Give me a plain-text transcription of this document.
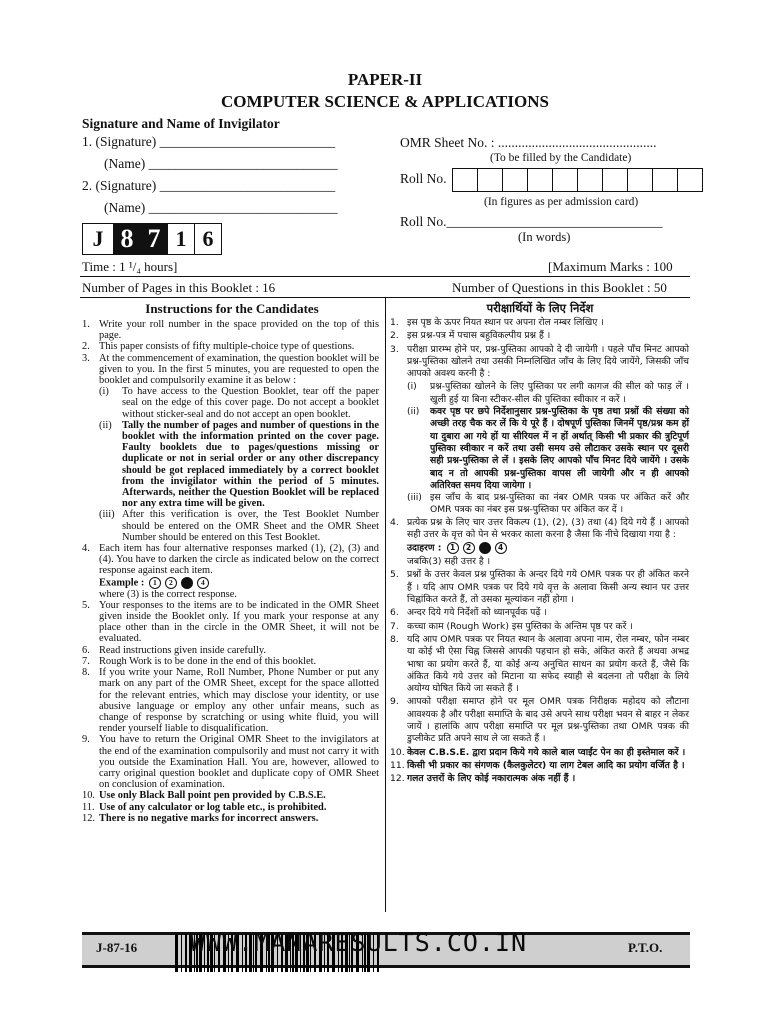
PAPER-II
COMPUTER SCIENCE & APPLICATIONS
Signature and Name of Invigilator
1. (Signature) __________________________
(Name) ____________________________
2. (Signature) __________________________
(Name) ____________________________
J 8 7 1 6
OMR Sheet No. : ...............................................
(To be filled by the Candidate)
Roll No.
(In figures as per admission card)
Roll No.________________________________
(In words)
Time : 1 ¹/₄ hours]	[Maximum Marks : 100
Number of Pages in this Booklet : 16	Number of Questions in this Booklet : 50
Instructions for the Candidates
1. Write your roll number in the space provided on the top of this page.
2. This paper consists of fifty multiple-choice type of questions.
3. At the commencement of examination, the question booklet will be given to you. In the first 5 minutes, you are requested to open the booklet and compulsorily examine it as below :
(i)	To have access to the Question Booklet, tear off the paper seal on the edge of this cover page. Do not accept a booklet without sticker-seal and do not accept an open booklet.
(ii) Tally the number of pages and number of questions in the booklet with the information printed on the cover page. Faulty booklets due to pages/questions missing or duplicate or not in serial order or any other discrepancy should be got replaced immediately by a correct booklet from the invigilator within the period of 5 minutes. Afterwards, neither the Question Booklet will be replaced nor any extra time will be given.
(iii) After this verification is over, the Test Booklet Number should be entered on the OMR Sheet and the OMR Sheet Number should be entered on this Test Booklet.
4. Each item has four alternative responses marked (1), (2), (3) and (4). You have to darken the circle as indicated below on the correct response against each item.
Example : 1 2 3 4
where (3) is the correct response.
5. Your responses to the items are to be indicated in the OMR Sheet given inside the Booklet only. If you mark your response at any place other than in the circle in the OMR Sheet, it will not be evaluated.
6. Read instructions given inside carefully.
7. Rough Work is to be done in the end of this booklet.
8. If you write your Name, Roll Number, Phone Number or put any mark on any part of the OMR Sheet, except for the space allotted for the relevant entries, which may disclose your identity, or use abusive language or employ any other unfair means, such as change of response by scratching or using white fluid, you will render yourself liable to disqualification.
9. You have to return the Original OMR Sheet to the invigilators at the end of the examination compulsorily and must not carry it with you outside the Examination Hall. You are, however, allowed to carry original question booklet and duplicate copy of OMR Sheet on conclusion of examination.
10. Use only Black Ball point pen provided by C.B.S.E.
11. Use of any calculator or log table etc., is prohibited.
12. There is no negative marks for incorrect answers.
परीक्षार्थियों के लिए निर्देश
1. इस पृष्ठ के ऊपर नियत स्थान पर अपना रोल नम्बर लिखिए ।
2. इस प्रश्न-पत्र में पचास बहुविकल्पीय प्रश्न हैं ।
3. परीक्षा प्रारम्भ होने पर, प्रश्न-पुस्तिका आपको दे दी जायेगी । पहले पाँच मिनट आपको प्रश्न-पुस्तिका खोलने तथा उसकी निम्नलिखित जाँच के लिए दिये जायेंगे, जिसकी जाँच आपको अवश्य करनी है :
(i)	प्रश्न-पुस्तिका खोलने के लिए पुस्तिका पर लगी कागज की सील को फाड़ लें । खुली हुई या बिना स्टीकर-सील की पुस्तिका स्वीकार न करें ।
(ii)	कवर पृष्ठ पर छपे निर्देशानुसार प्रश्न-पुस्तिका के पृष्ठ तथा प्रश्नों की संख्या को अच्छी तरह चैक कर लें कि ये पूरे हैं । दोषपूर्ण पुस्तिका जिनमें पृष्ठ/प्रश्न कम हों या दुबारा आ गये हों या सीरियल में न हों अर्थात् किसी भी प्रकार की त्रुटिपूर्ण पुस्तिका स्वीकार न करें तथा उसी समय उसे लौटाकर उसके स्थान पर दूसरी सही प्रश्न-पुस्तिका ले लें । इसके लिए आपको पाँच मिनट दिये जायेंगे । उसके बाद न तो आपकी प्रश्न-पुस्तिका वापस ली जायेगी और न ही आपको अतिरिक्त समय दिया जायेगा ।
(iii) इस जाँच के बाद प्रश्न-पुस्तिका का नंबर OMR पत्रक पर अंकित करें और OMR पत्रक का नंबर इस प्रश्न-पुस्तिका पर अंकित कर दें ।
4. प्रत्येक प्रश्न के लिए चार उत्तर विकल्प (1), (2), (3) तथा (4) दिये गये हैं । आपको सही उत्तर के वृत्त को पेन से भरकर काला करना है जैसा कि नीचे दिखाया गया है :
उदाहरण : 1 2 3 4
जबकि(3) सही उत्तर है ।
5. प्रश्नों के उत्तर केवल प्रश्न पुस्तिका के अन्दर दिये गये OMR पत्रक पर ही अंकित करने हैं । यदि आप OMR पत्रक पर दिये गये वृत्त के अलावा किसी अन्य स्थान पर उत्तर चिह्नांकित करते हैं, तो उसका मूल्यांकन नहीं होगा ।
6. अन्दर दिये गये निर्देशों को ध्यानपूर्वक पढ़ें ।
7. कच्चा काम (Rough Work) इस पुस्तिका के अन्तिम पृष्ठ पर करें ।
8. यदि आप OMR पत्रक पर नियत स्थान के अलावा अपना नाम, रोल नम्बर, फोन नम्बर या कोई भी ऐसा चिह्न जिससे आपकी पहचान हो सके, अंकित करते हैं अथवा अभद्र भाषा का प्रयोग करते हैं, या कोई अन्य अनुचित साधन का प्रयोग करते हैं, जैसे कि अंकित किये गये उत्तर को मिटाना या सफेद स्याही से बदलना तो परीक्षा के लिये अयोग्य घोषित किये जा सकते हैं ।
9. आपको परीक्षा समाप्त होने पर मूल OMR पत्रक निरीक्षक महोदय को लौटाना आवश्यक है और परीक्षा समाप्ति के बाद उसे अपने साथ परीक्षा भवन से बाहर न लेकर जायें । हालांकि आप परीक्षा समाप्ति पर मूल प्रश्न-पुस्तिका तथा OMR पत्रक की डुप्लीकेट प्रति अपने साथ ले जा सकते हैं ।
10. केवल C.B.S.E. द्वारा प्रदान किये गये काले बाल प्वाईंट पेन का ही इस्तेमाल करें ।
11. किसी भी प्रकार का संगणक (कैलकुलेटर) या लाग टेबल आदि का प्रयोग वर्जित है ।
12. गलत उत्तरों के लिए कोई नकारात्मक अंक नहीं हैं ।
J-87-16 WWW.MANARESULTS.CO.IN	P.T.O.
